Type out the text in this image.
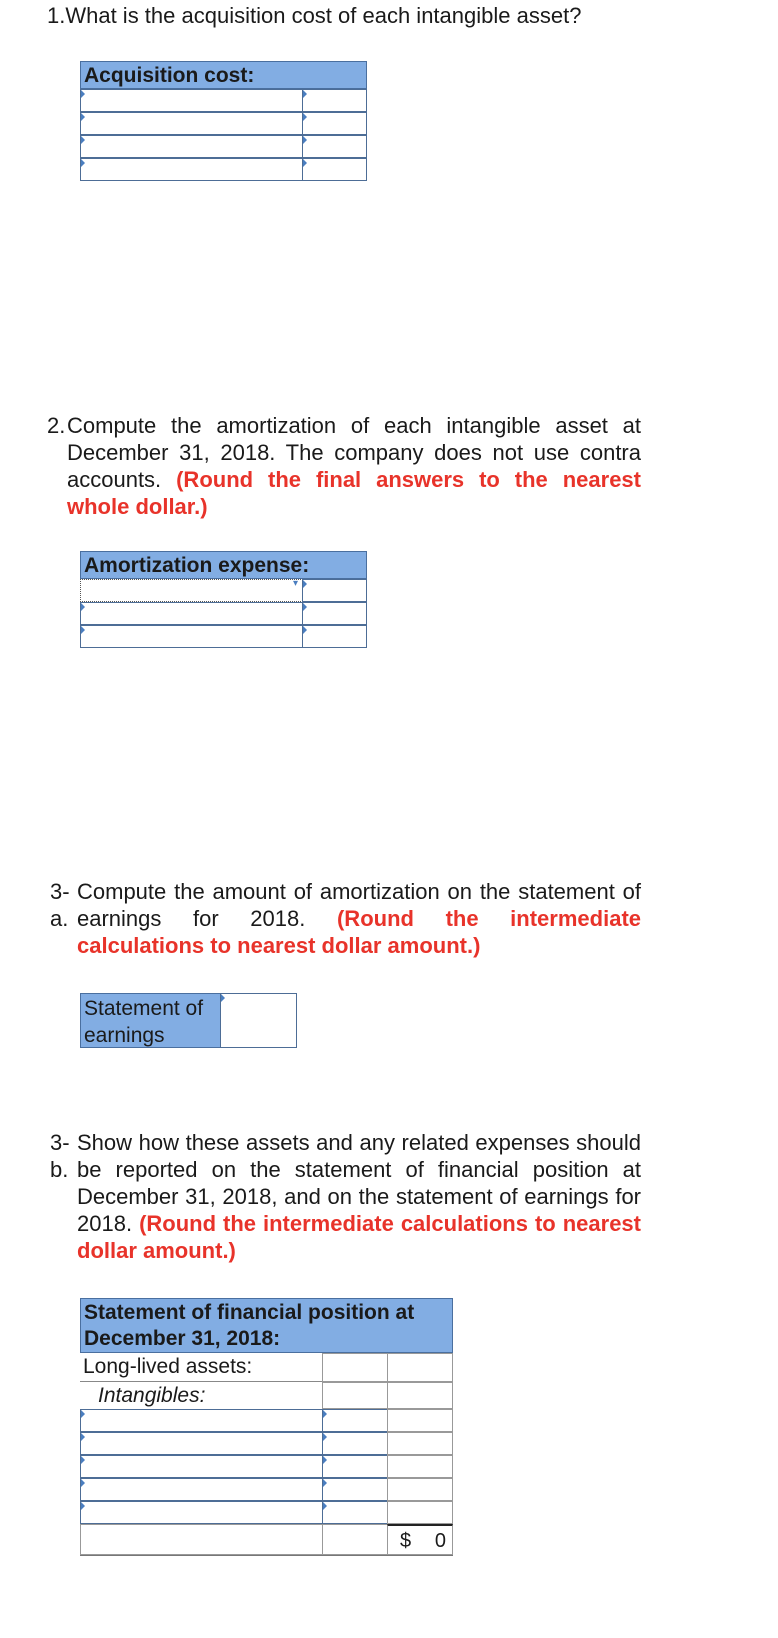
1.What is the acquisition cost of each intangible asset?
Acquisition cost:
2. Compute the amortization of each intangible asset at December 31, 2018. The company does not use contra accounts. (Round the final answers to the nearest whole dollar.)
Amortization expense:
▾
3-
a.
Compute the amount of amortization on the statement of earnings for 2018. (Round the intermediate calculations to nearest dollar amount.)
Statement of
earnings
3-
b.
Show how these assets and any related expenses should be reported on the statement of financial position at December 31, 2018, and on the statement of earnings for 2018. (Round the intermediate calculations to nearest dollar amount.)
Statement of financial position at
December 31, 2018:
Long-lived assets:
Intangibles:
$ 0
